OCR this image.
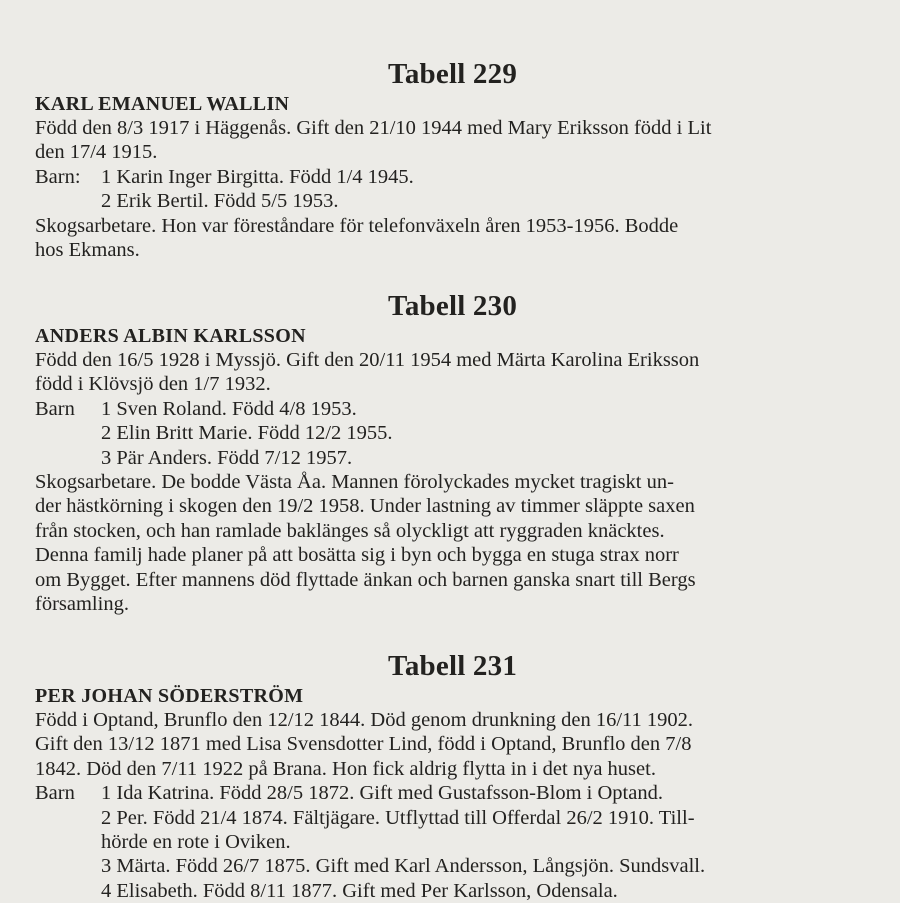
Tabell 229

KARL EMANUEL WALLIN

Född den 8/3 1917 i Häggenås. Gift den 21/10 1944 med Mary Eriksson född i Lit

den 17/4 1915.

Barn: 1 Karin Inger Birgitta. Född 1/4 1945.

2 Erik Bertil. Född 5/5 1953.

Skogsarbetare. Hon var föreståndare för telefonväxeln åren 1953-1956. Bodde

hos Ekmans.

Tabell 230

ANDERS ALBIN KARLSSON

Född den 16/5 1928 i Myssjö. Gift den 20/11 1954 med Märta Karolina Eriksson

född i Klövsjö den 1/7 1932.

Barn	1 Sven Roland. Född 4/8 1953.

2 Elin Britt Marie. Född 12/2 1955.

3 Pär Anders. Född 7/12 1957.

Skogsarbetare. De bodde Västa Åa. Mannen förolyckades mycket tragiskt un-

der hästkörning i skogen den 19/2 1958. Under lastning av timmer släppte saxen

från stocken, och han ramlade baklänges så olyckligt att ryggraden knäcktes.

Denna familj hade planer på att bosätta sig i byn och bygga en stuga strax norr

om Bygget. Efter mannens död flyttade änkan och barnen ganska snart till Bergs

församling.

Tabell 231

PER JOHAN SÖDERSTRÖM

Född i Optand, Brunflo den 12/12 1844. Död genom drunkning den 16/11 1902.

Gift den 13/12 1871 med Lisa Svensdotter Lind, född i Optand, Brunflo den 7/8

1842. Död den 7/11 1922 på Brana. Hon fick aldrig flytta in i det nya huset.

Barn	1 Ida Katrina. Född 28/5 1872. Gift med Gustafsson-Blom i Optand.

2 Per. Född 21/4 1874. Fältjägare. Utflyttad till Offerdal 26/2 1910. Till-

hörde en rote i Oviken.

3 Märta. Född 26/7 1875. Gift med Karl Andersson, Långsjön. Sundsvall.

4 Elisabeth. Född 8/11 1877. Gift med Per Karlsson, Odensala.
